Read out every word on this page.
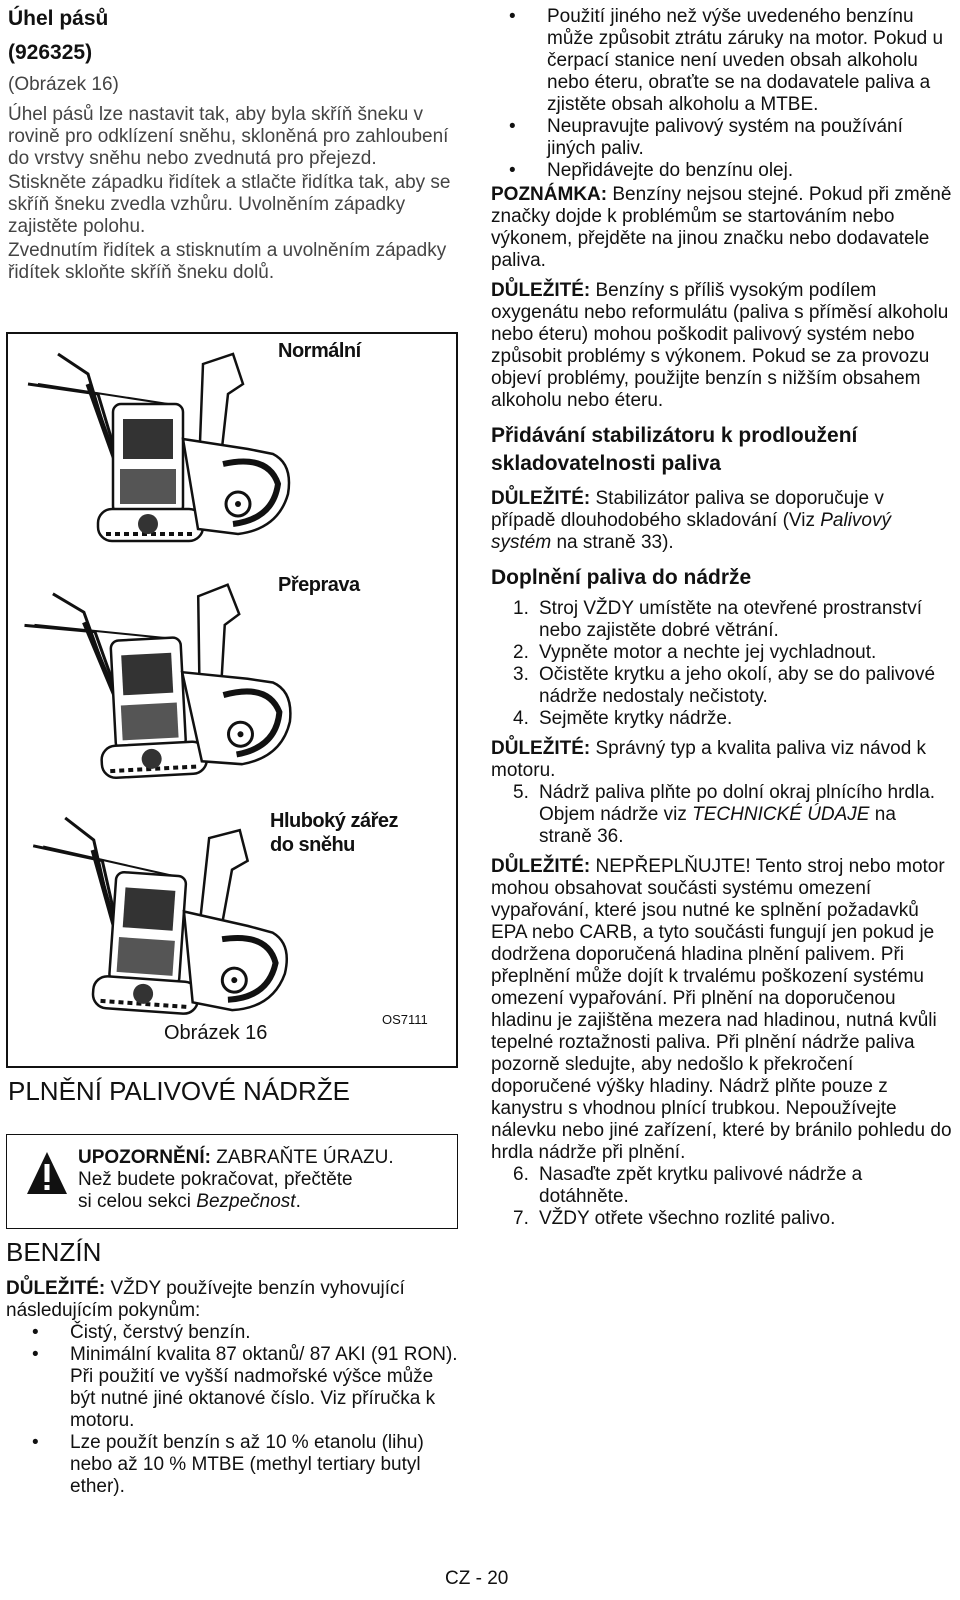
Úhel pásů
(926325)

(Obrázek 16)

Úhel pásů lze nastavit tak, aby byla skříň šneku v rovině pro odklízení sněhu, skloněná pro zahloubení do vrstvy sněhu nebo zvednutá pro přejezd.

Stiskněte západku řidítek a stlačte řidítka tak, aby se skříň šneku zvedla vzhůru. Uvolněním západky zajistěte polohu.

Zvednutím řidítek a stisknutím a uvolněním západky řidítek skloňte skříň šneku dolů.

Normální
Přeprava
Hluboký zářez
do sněhu
Obrázek 16
OS7111
PLNĚNÍ PALIVOVÉ NÁDRŽE
UPOZORNĚNÍ: ZABRAŇTE ÚRAZU.
Než budete pokračovat, přečtěte
si celou sekci Bezpečnost.
BENZÍN

DŮLEŽITÉ: VŽDY používejte benzín vyhovující následujícím pokynům:

• Čistý, čerstvý benzín.
• Minimální kvalita 87 oktanů/ 87 AKI (91 RON). Při použití ve vyšší nadmořské výšce může být nutné jiné oktanové číslo. Viz příručka k motoru.
• Lze použít benzín s až 10 % etanolu (lihu) nebo až 10 % MTBE (methyl tertiary butyl ether).
• Použití jiného než výše uvedeného benzínu může způsobit ztrátu záruky na motor. Pokud u čerpací stanice není uveden obsah alkoholu nebo éteru, obraťte se na dodavatele paliva a zjistěte obsah alkoholu a MTBE.
• Neupravujte palivový systém na používání jiných paliv.
• Nepřidávejte do benzínu olej.

POZNÁMKA: Benzíny nejsou stejné. Pokud při změně značky dojde k problémům se startováním nebo výkonem, přejděte na jinou značku nebo dodavatele paliva.

DŮLEŽITÉ: Benzíny s příliš vysokým podílem oxygenátu nebo reformulátu (paliva s příměsí alkoholu nebo éteru) mohou poškodit palivový systém nebo způsobit problémy s výkonem. Pokud se za provozu objeví problémy, použijte benzín s nižším obsahem alkoholu nebo éteru.

Přidávání stabilizátoru k prodloužení skladovatelnosti paliva

DŮLEŽITÉ: Stabilizátor paliva se doporučuje v případě dlouhodobého skladování (Viz Palivový systém na straně 33).

Doplnění paliva do nádrže
1. Stroj VŽDY umístěte na otevřené prostranství nebo zajistěte dobré větrání.
2. Vypněte motor a nechte jej vychladnout.
3. Očistěte krytku a jeho okolí, aby se do palivové nádrže nedostaly nečistoty.
4. Sejměte krytky nádrže.

DŮLEŽITÉ: Správný typ a kvalita paliva viz návod k motoru.

5. Nádrž paliva plňte po dolní okraj plnícího hrdla. Objem nádrže viz TECHNICKÉ ÚDAJE na straně 36.

DŮLEŽITÉ: NEPŘEPLŇUJTE! Tento stroj nebo motor mohou obsahovat součásti systému omezení vypařování, které jsou nutné ke splnění požadavků EPA nebo CARB, a tyto součásti fungují jen pokud je dodržena doporučená hladina plnění palivem. Při přeplnění může dojít k trvalému poškození systému omezení vypařování. Při plnění na doporučenou hladinu je zajištěna mezera nad hladinou, nutná kvůli tepelné roztažnosti paliva. Při plnění nádrže paliva pozorně sledujte, aby nedošlo k překročení doporučené výšky hladiny. Nádrž plňte pouze z kanystru s vhodnou plnící trubkou. Nepoužívejte nálevku nebo jiné zařízení, které by bránilo pohledu do hrdla nádrže při plnění.

6. Nasaďte zpět krytku palivové nádrže a dotáhněte.
7. VŽDY otřete všechno rozlité palivo.
CZ - 20
